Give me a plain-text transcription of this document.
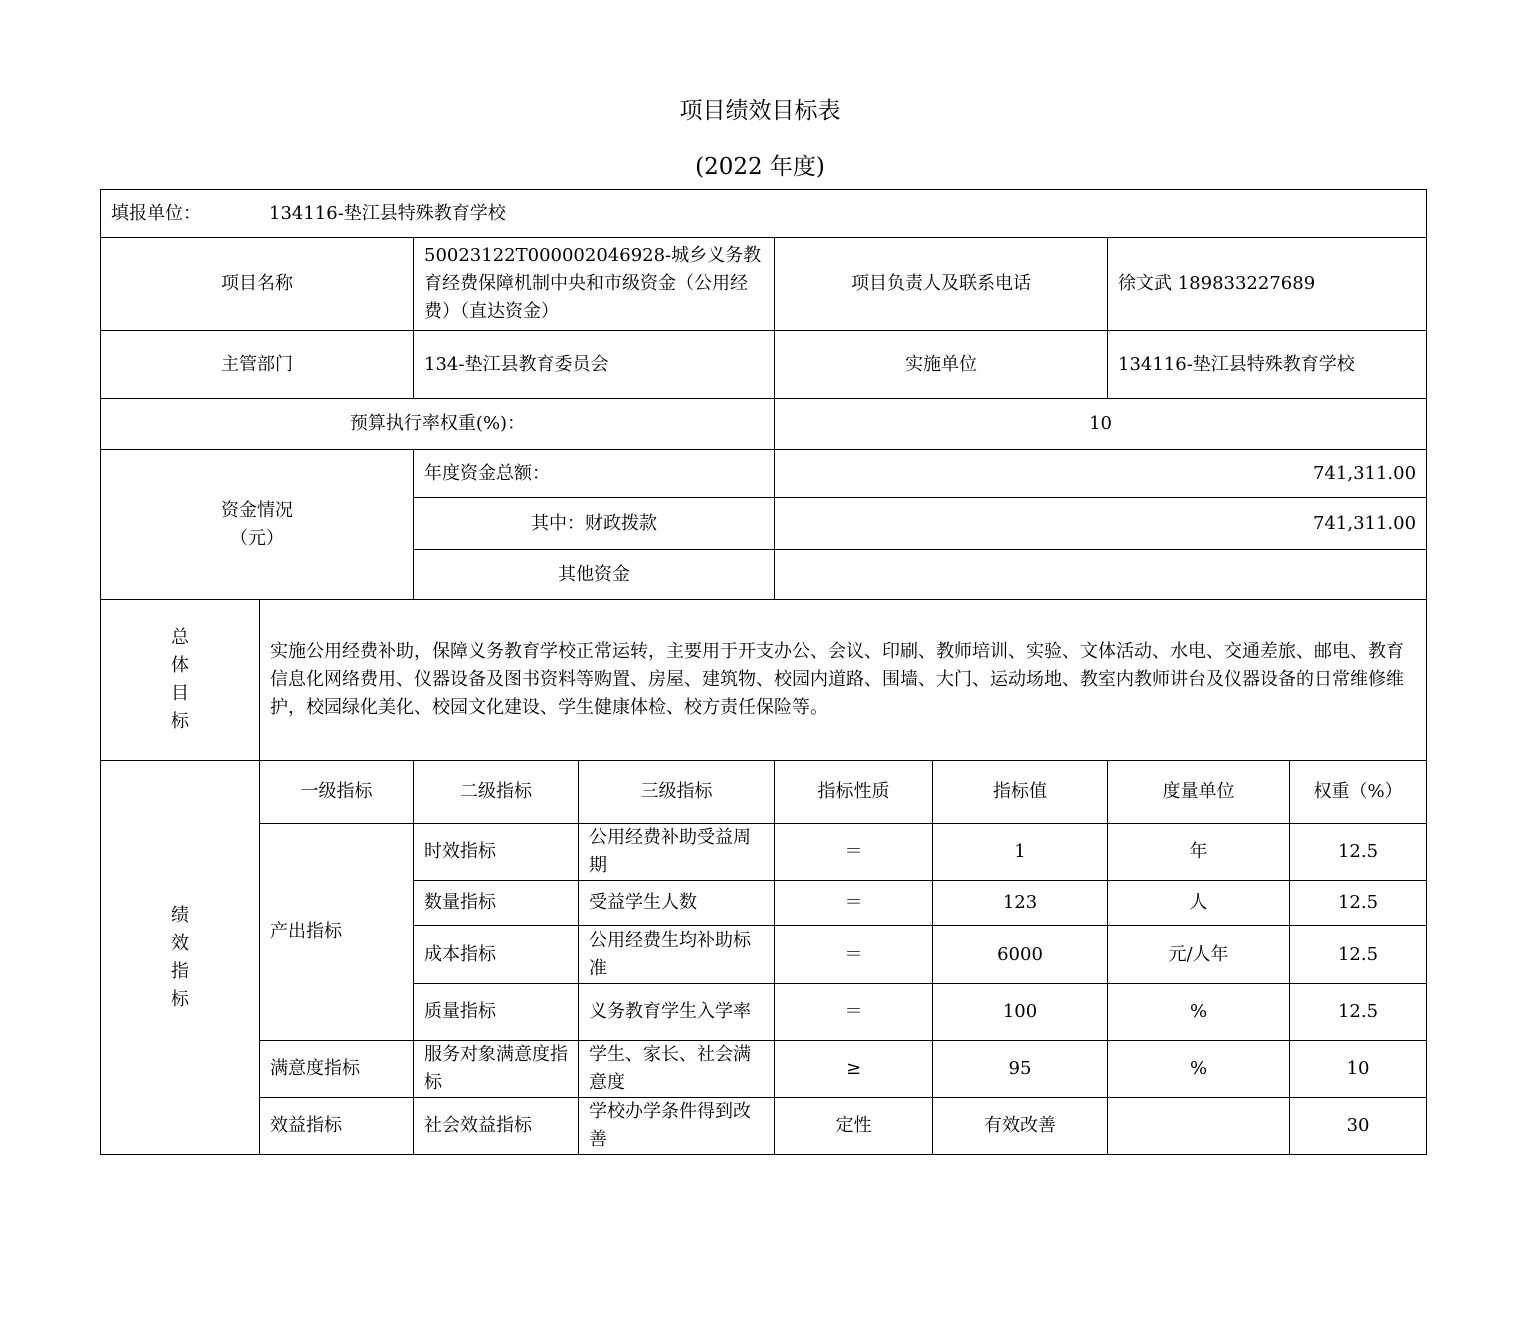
项目绩效目标表
(2022 年度)
填报单位： 134116-垫江县特殊教育学校							
项目名称		50023122T000002046928-城乡义务教育经费保障机制中央和市级资金（公用经费）（直达资金）		项目负责人及联系电话		徐文武 189833227689	
主管部门		134-垫江县教育委员会		实施单位		134116-垫江县特殊教育学校	
预算执行率权重(%)：				10			
资金情况（元）		年度资金总额：		741,311.00			
		其中：财政拨款		741,311.00			
		其他资金					
总体目标	实施公用经费补助，保障义务教育学校正常运转，主要用于开支办公、会议、印刷、教师培训、实验、文体活动、水电、交通差旅、邮电、教育信息化网络费用、仪器设备及图书资料等购置、房屋、建筑物、校园内道路、围墙、大门、运动场地、教室内教师讲台及仪器设备的日常维修维护，校园绿化美化、校园文化建设、学生健康体检、校方责任保险等。						
绩效指标	一级指标	二级指标	三级指标	指标性质	指标值	度量单位	权重（%）
	产出指标	时效指标	公用经费补助受益周期	＝	1	年	12.5
		数量指标	受益学生人数	＝	123	人	12.5
		成本指标	公用经费生均补助标准	＝	6000	元/人年	12.5
		质量指标	义务教育学生入学率	＝	100	%	12.5
	满意度指标	服务对象满意度指标	学生、家长、社会满意度	≥	95	%	10
	效益指标	社会效益指标	学校办学条件得到改善	定性	有效改善		30
